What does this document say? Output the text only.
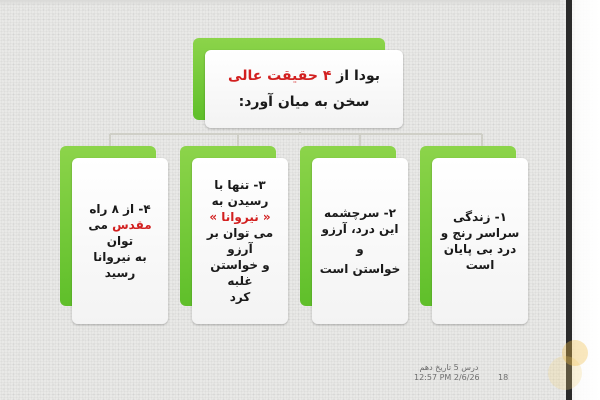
بودا از ۴ حقیقت عالی
سخن به میان آورد:
۱- زندگی
سراسر رنج و
درد بی پایان
است
۲- سرچشمه
این درد، آرزو
و
خواستن است
۳- تنها با
رسیدن به
« نیروانا »
می توان بر آرزو
و خواستن غلبه
کرد
۴- از ۸ راه
مقدس می توان
به نیروانا رسید
درس 5 تاریخ دهم
12:57 PM 2/6/26 18
